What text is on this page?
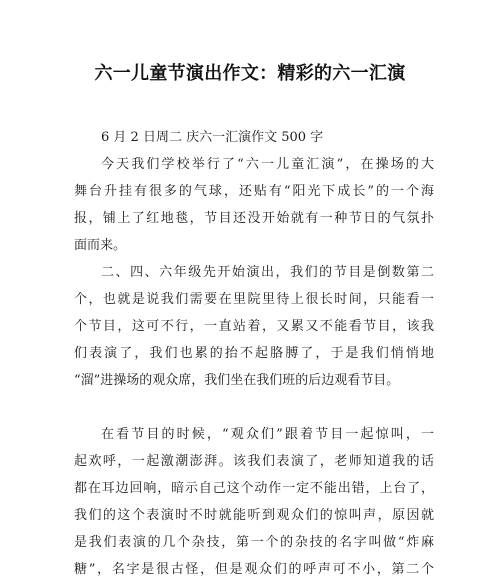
六一儿童节演出作文：精彩的六一汇演
6 月 2 日周二 庆六一汇演作文 500 字
今天我们学校举行了“六一儿童汇演”，在操场的大
舞台升挂有很多的气球，还贴有“阳光下成长”的一个海
报，铺上了红地毯，节目还没开始就有一种节日的气氛扑
面而来。
二、四、六年级先开始演出，我们的节目是倒数第二
个，也就是说我们需要在里院里待上很长时间，只能看一
个节目，这可不行，一直站着，又累又不能看节目，该我
们表演了，我们也累的抬不起胳膊了，于是我们悄悄地
“溜”进操场的观众席，我们坐在我们班的后边观看节目。
在看节目的时候，“观众们”跟着节目一起惊叫，一
起欢呼，一起激潮澎湃。该我们表演了，老师知道我的话
都在耳边回响，暗示自己这个动作一定不能出错，上台了，
我们的这个表演时不时就能听到观众们的惊叫声，原因就
是我们表演的几个杂技，第一个的杂技的名字叫做“炸麻
糖”，名字是很古怪，但是观众们的呼声可不小，第二个
